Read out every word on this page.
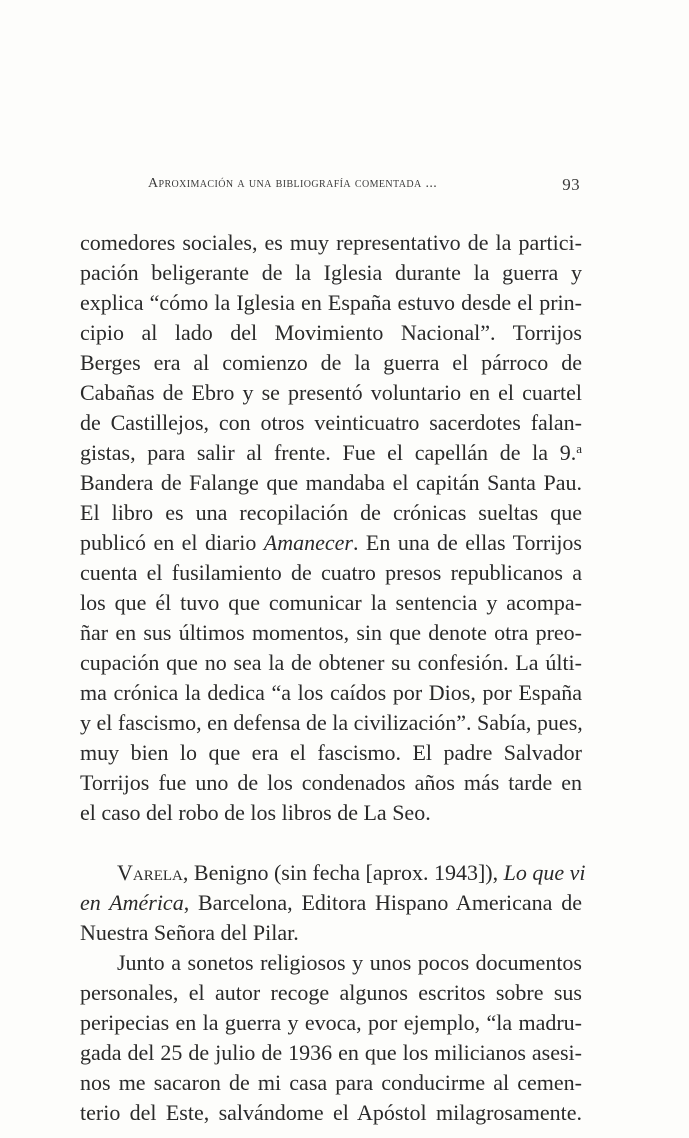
Aproximación a una bibliografía comentada ...	93
comedores sociales, es muy representativo de la partici-
pación beligerante de la Iglesia durante la guerra y
explica “cómo la Iglesia en España estuvo desde el prin-
cipio al lado del Movimiento Nacional”. Torrijos
Berges era al comienzo de la guerra el párroco de
Cabañas de Ebro y se presentó voluntario en el cuartel
de Castillejos, con otros veinticuatro sacerdotes falan-
gistas, para salir al frente. Fue el capellán de la 9.$^a$
Bandera de Falange que mandaba el capitán Santa Pau.
El libro es una recopilación de crónicas sueltas que
publicó en el diario Amanecer. En una de ellas Torrijos
cuenta el fusilamiento de cuatro presos republicanos a
los que él tuvo que comunicar la sentencia y acompa-
ñar en sus últimos momentos, sin que denote otra preo-
cupación que no sea la de obtener su confesión. La últi-
ma crónica la dedica “a los caídos por Dios, por España
y el fascismo, en defensa de la civilización”. Sabía, pues,
muy bien lo que era el fascismo. El padre Salvador
Torrijos fue uno de los condenados años más tarde en
el caso del robo de los libros de La Seo.
Varela, Benigno (sin fecha [aprox. 1943]), Lo que vi
en América, Barcelona, Editora Hispano Americana de
Nuestra Señora del Pilar.
Junto a sonetos religiosos y unos pocos documentos
personales, el autor recoge algunos escritos sobre sus
peripecias en la guerra y evoca, por ejemplo, “la madru-
gada del 25 de julio de 1936 en que los milicianos asesi-
nos me sacaron de mi casa para conducirme al cemen-
terio del Este, salvándome el Apóstol milagrosamente.
